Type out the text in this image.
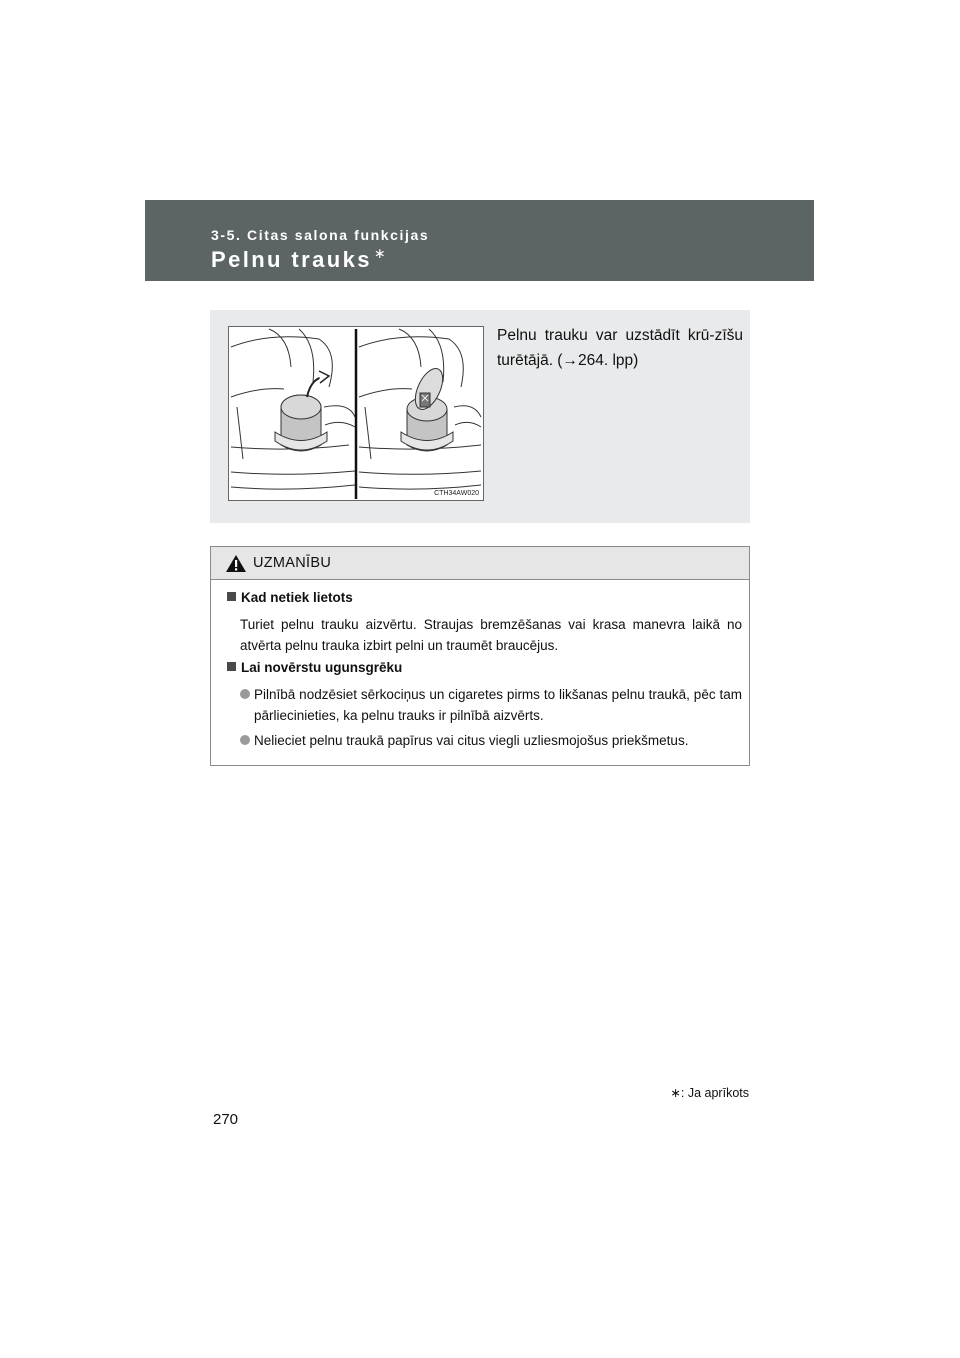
3-5. Citas salona funkcijas
Pelnu trauks ∗
CTH34AW020
Pelnu trauku var uzstādīt krū-zīšu turētājā. (→264. lpp)
UZMANĪBU
Kad netiek lietots
Turiet pelnu trauku aizvērtu. Straujas bremzēšanas vai krasa manevra laikā no atvērta pelnu trauka izbirt pelni un traumēt braucējus.
Lai novērstu ugunsgrēku
Pilnībā nodzēsiet sērkociņus un cigaretes pirms to likšanas pelnu traukā, pēc tam pārliecinieties, ka pelnu trauks ir pilnībā aizvērts.
Nelieciet pelnu traukā papīrus vai citus viegli uzliesmojošus priekšmetus.
∗: Ja aprīkots
270
